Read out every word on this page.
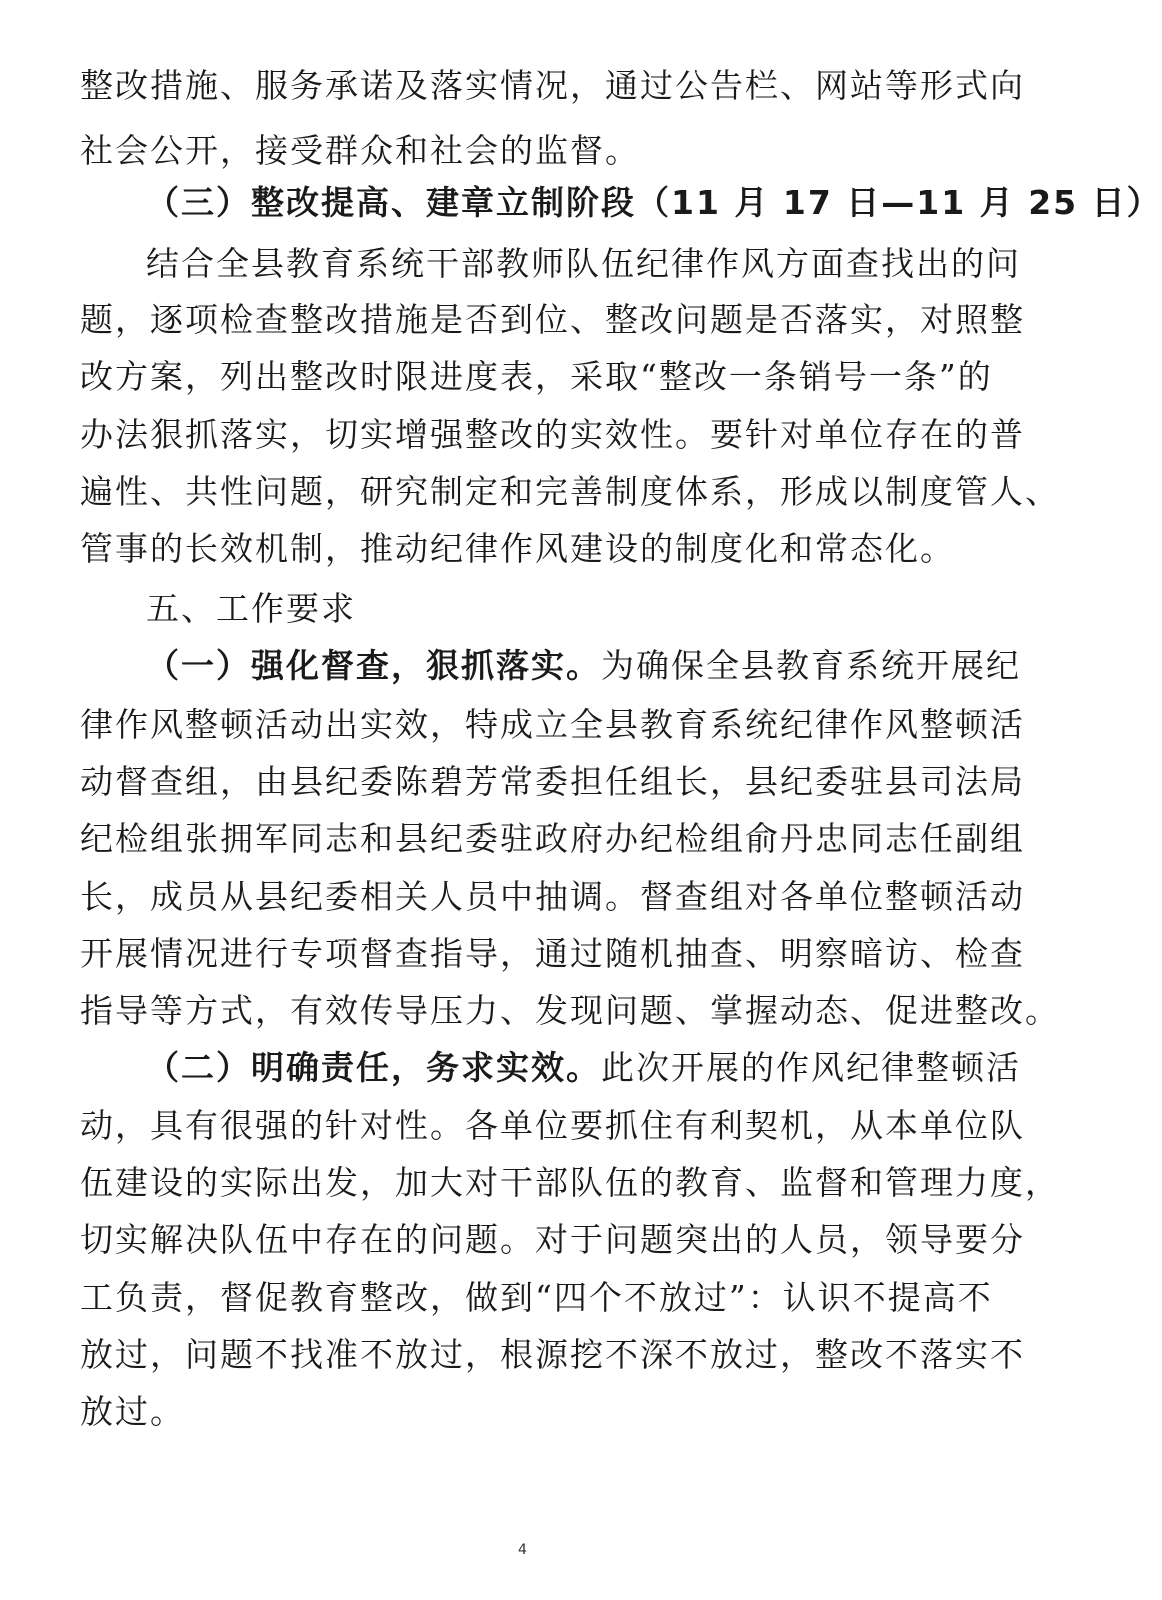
整改措施、服务承诺及落实情况，通过公告栏、网站等形式向
社会公开，接受群众和社会的监督。
（三）整改提高、建章立制阶段（11 月 17 日—11 月 25 日）
结合全县教育系统干部教师队伍纪律作风方面查找出的问
题，逐项检查整改措施是否到位、整改问题是否落实，对照整
改方案，列出整改时限进度表，采取“整改一条销号一条”的
办法狠抓落实，切实增强整改的实效性。要针对单位存在的普
遍性、共性问题，研究制定和完善制度体系，形成以制度管人、
管事的长效机制，推动纪律作风建设的制度化和常态化。
五、工作要求
（一）强化督查，狠抓落实。为确保全县教育系统开展纪
律作风整顿活动出实效，特成立全县教育系统纪律作风整顿活
动督查组，由县纪委陈碧芳常委担任组长，县纪委驻县司法局
纪检组张拥军同志和县纪委驻政府办纪检组俞丹忠同志任副组
长，成员从县纪委相关人员中抽调。督查组对各单位整顿活动
开展情况进行专项督查指导，通过随机抽查、明察暗访、检查
指导等方式，有效传导压力、发现问题、掌握动态、促进整改。
（二）明确责任，务求实效。此次开展的作风纪律整顿活
动，具有很强的针对性。各单位要抓住有利契机，从本单位队
伍建设的实际出发，加大对干部队伍的教育、监督和管理力度，
切实解决队伍中存在的问题。对于问题突出的人员，领导要分
工负责，督促教育整改，做到“四个不放过”：认识不提高不
放过，问题不找准不放过，根源挖不深不放过，整改不落实不
放过。
4
